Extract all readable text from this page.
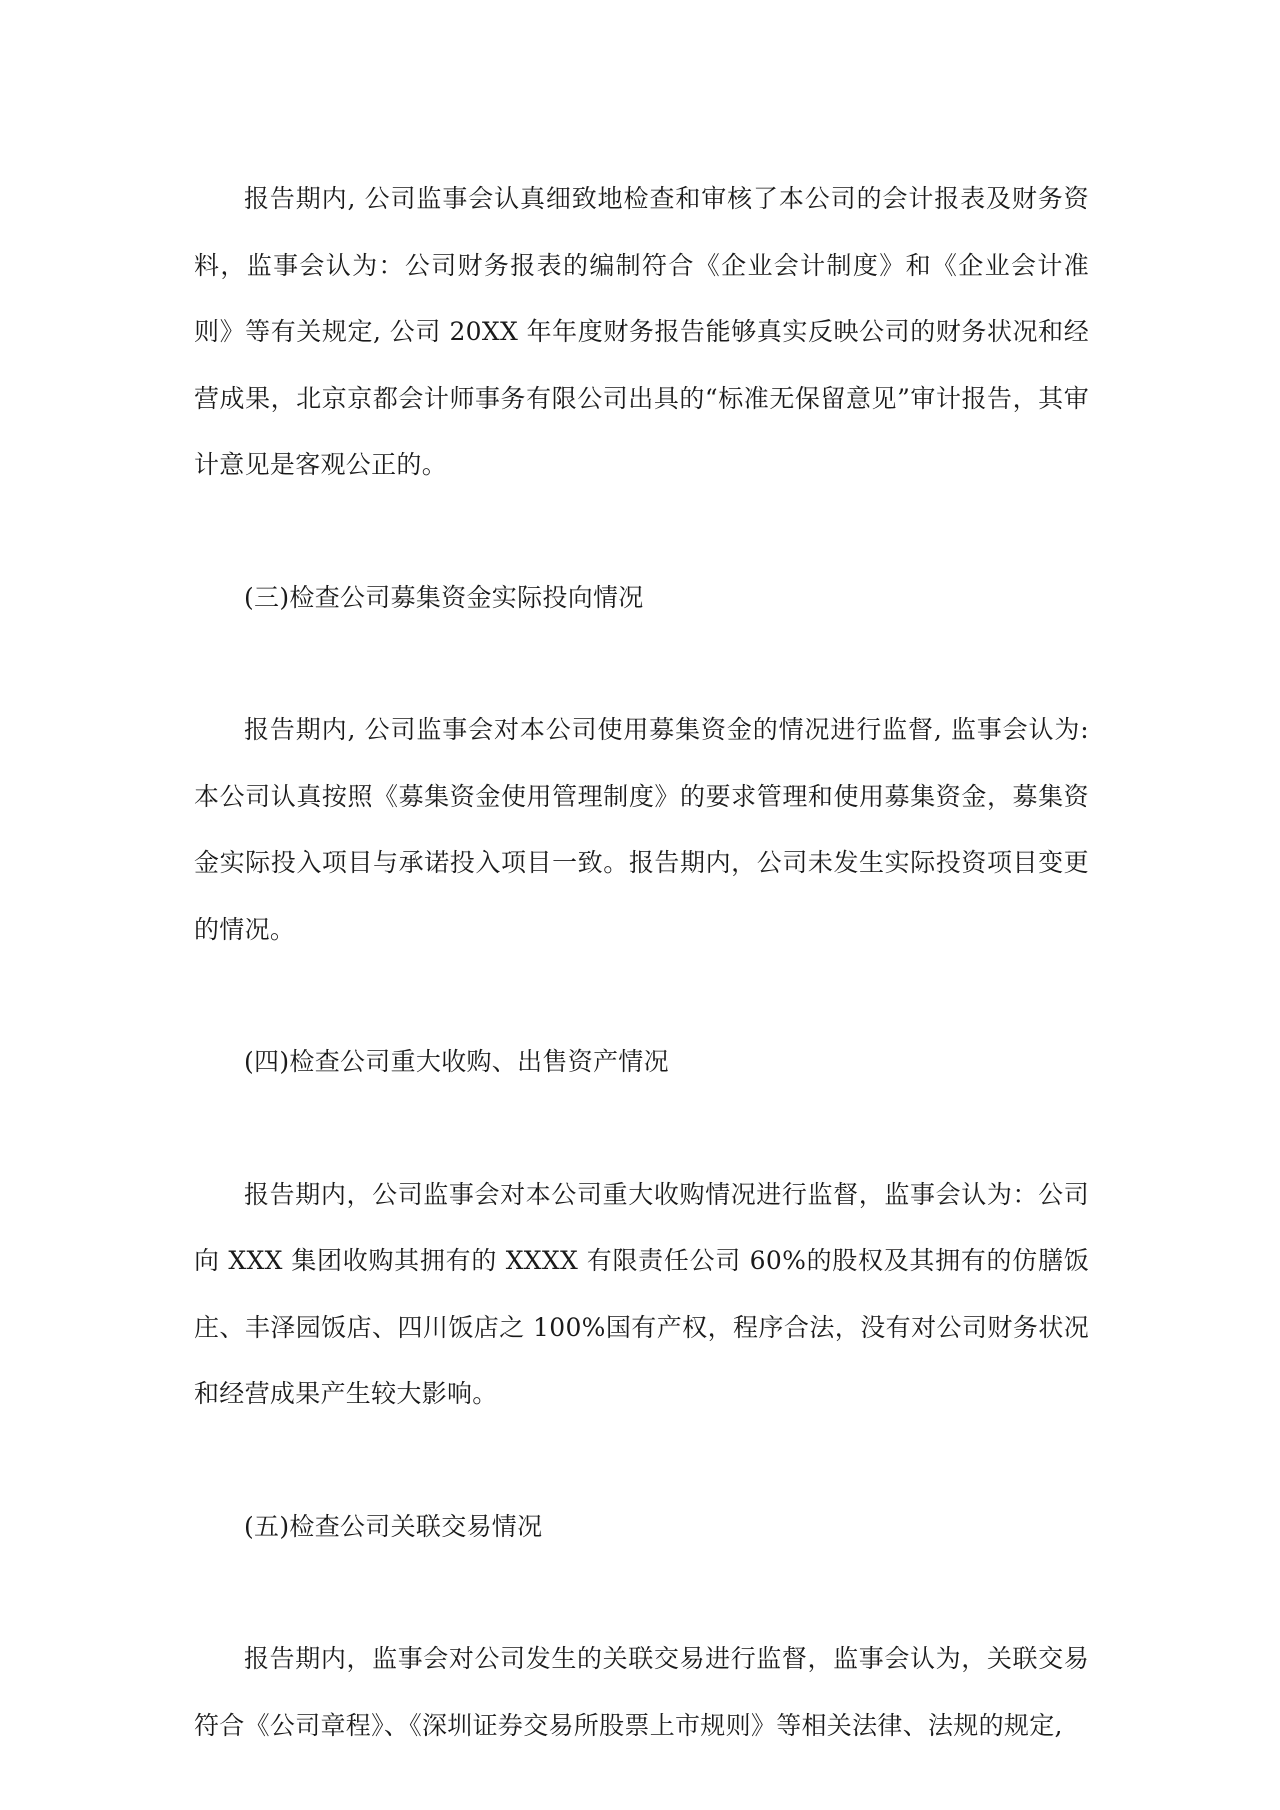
报告期内, 公司监事会认真细致地检查和审核了本公司的会计报表及财务资料，监事会认为：公司财务报表的编制符合《企业会计制度》和《企业会计准则》等有关规定, 公司 20XX 年年度财务报告能够真实反映公司的财务状况和经营成果，北京京都会计师事务有限公司出具的“标准无保留意见”审计报告，其审计意见是客观公正的。

(三)检查公司募集资金实际投向情况

报告期内, 公司监事会对本公司使用募集资金的情况进行监督, 监事会认为: 本公司认真按照《募集资金使用管理制度》的要求管理和使用募集资金，募集资金实际投入项目与承诺投入项目一致。报告期内，公司未发生实际投资项目变更的情况。

(四)检查公司重大收购、出售资产情况

报告期内，公司监事会对本公司重大收购情况进行监督，监事会认为：公司向 XXX 集团收购其拥有的 XXXX 有限责任公司 60%的股权及其拥有的仿膳饭庄、丰泽园饭店、四川饭店之 100%国有产权，程序合法，没有对公司财务状况和经营成果产生较大影响。

(五)检查公司关联交易情况

报告期内，监事会对公司发生的关联交易进行监督，监事会认为，关联交易符合《公司章程》、《深圳证券交易所股票上市规则》等相关法律、法规的规定,
